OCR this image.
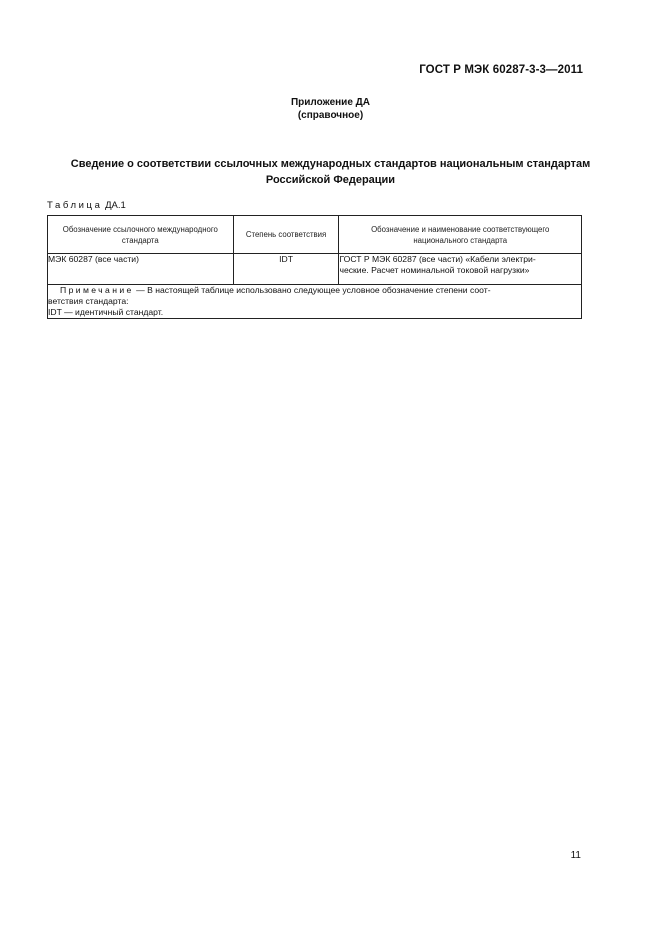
ГОСТ Р МЭК 60287-3-3—2011
Приложение ДА
(справочное)
Сведение о соответствии ссылочных международных стандартов национальным стандартам
Российской Федерации
Таблица ДА.1
Обозначение ссылочного международного стандарта	Степень соответствия	Обозначение и наименование соответствующего национального стандарта
МЭК 60287 (все части)	IDT	ГОСТ Р МЭК 60287 (все части) «Кабели электри-
ческие. Расчет номинальной токовой нагрузки»

Примечание — В настоящей таблице использовано следующее условное обозначение степени соот-
ветствия стандарта:
IDT — идентичный стандарт.		
11
